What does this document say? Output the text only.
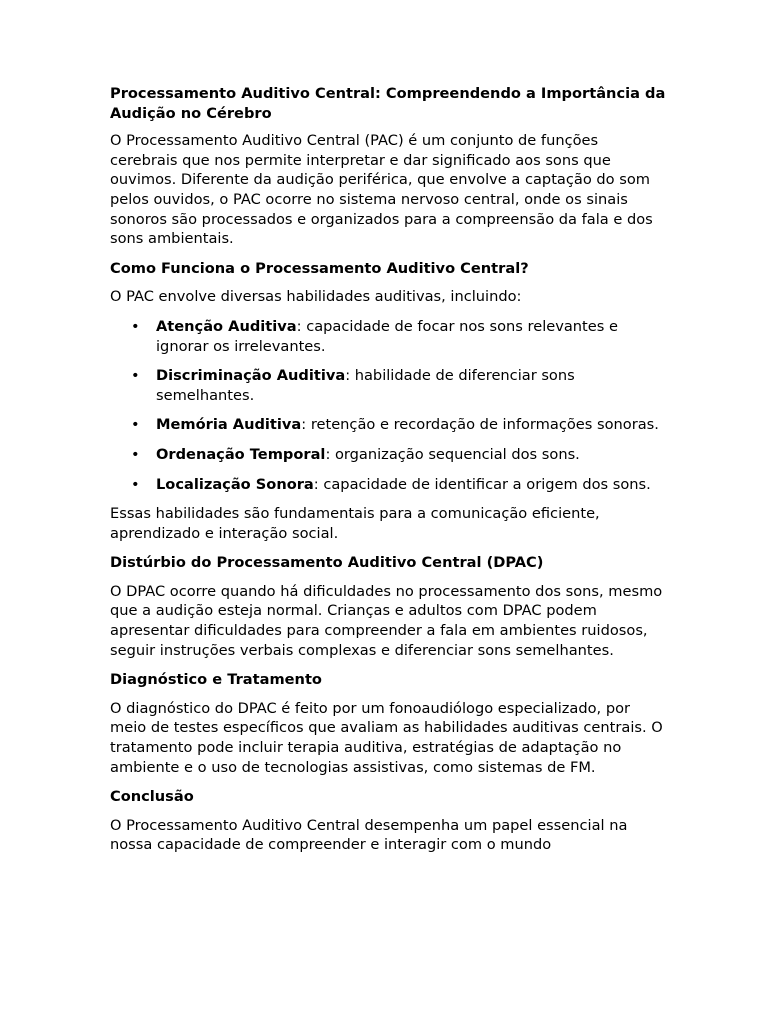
Processamento Auditivo Central: Compreendendo a Importância da Audição no Cérebro

O Processamento Auditivo Central (PAC) é um conjunto de funções cerebrais que nos permite interpretar e dar significado aos sons que ouvimos. Diferente da audição periférica, que envolve a captação do som pelos ouvidos, o PAC ocorre no sistema nervoso central, onde os sinais sonoros são processados e organizados para a compreensão da fala e dos sons ambientais.

Como Funciona o Processamento Auditivo Central?

O PAC envolve diversas habilidades auditivas, incluindo:

• Atenção Auditiva: capacidade de focar nos sons relevantes e ignorar os irrelevantes.
• Discriminação Auditiva: habilidade de diferenciar sons semelhantes.
• Memória Auditiva: retenção e recordação de informações sonoras.
• Ordenação Temporal: organização sequencial dos sons.
• Localização Sonora: capacidade de identificar a origem dos sons.

Essas habilidades são fundamentais para a comunicação eficiente, aprendizado e interação social.

Distúrbio do Processamento Auditivo Central (DPAC)

O DPAC ocorre quando há dificuldades no processamento dos sons, mesmo que a audição esteja normal. Crianças e adultos com DPAC podem apresentar dificuldades para compreender a fala em ambientes ruidosos, seguir instruções verbais complexas e diferenciar sons semelhantes.

Diagnóstico e Tratamento

O diagnóstico do DPAC é feito por um fonoaudiólogo especializado, por meio de testes específicos que avaliam as habilidades auditivas centrais. O tratamento pode incluir terapia auditiva, estratégias de adaptação no ambiente e o uso de tecnologias assistivas, como sistemas de FM.

Conclusão

O Processamento Auditivo Central desempenha um papel essencial na nossa capacidade de compreender e interagir com o mundo
